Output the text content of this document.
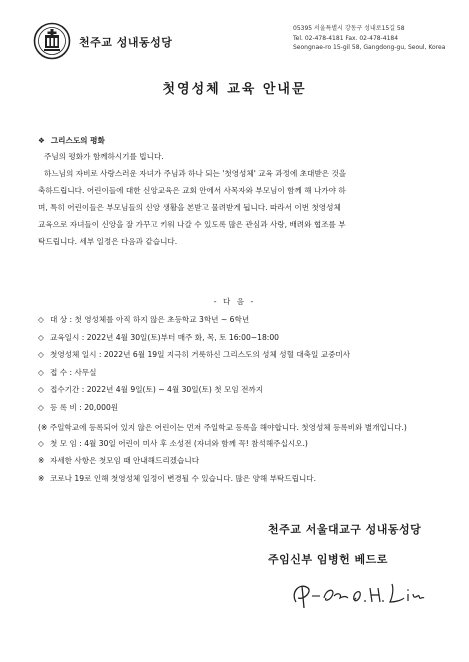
천주교 성내동성당
05395 서울특별시 강동구 성내로15길 58
Tel. 02-478-4181 Fax. 02-478-4184
Seongnae-ro 15-gil 58, Gangdong-gu, Seoul, Korea
첫영성체 교육 안내문
❖ 그리스도의 평화
주님의 평화가 함께하시기를 빕니다.
하느님의 자비로 사랑스러운 자녀가 주님과 하나 되는 '첫영성체' 교육 과정에 초대받은 것을
축하드립니다. 어린이들에 대한 신앙교육은 교회 안에서 사목자와 부모님이 함께 해 나가야 하
며, 특히 어린이들은 부모님들의 신앙 생활을 본받고 물려받게 됩니다. 따라서 이번 첫영성체
교육으로 자녀들이 신앙을 잘 가꾸고 키워 나갈 수 있도록 많은 관심과 사랑, 배려와 협조를 부
탁드립니다. 세부 일정은 다음과 같습니다.
- 다 음 -
◇ 대 상 : 첫 영성체를 아직 하지 않은 초등학교 3학년 ~ 6학년
◇ 교육일시 : 2022년 4월 30일(토)부터 매주 화, 목, 토 16:00~18:00
◇ 첫영성체 일시 : 2022년 6월 19일 지극히 거룩하신 그리스도의 성체 성혈 대축일 교중미사
◇ 접 수 : 사무실
◇ 접수기간 : 2022년 4월 9일(토) ~ 4월 30일(토) 첫 모임 전까지
◇ 등 록 비 : 20,000원
(※ 주일학교에 등록되어 있지 않은 어린이는 먼저 주일학교 등록을 해야합니다. 첫영성체 등록비와 별개입니다.)
◇ 첫 모 임 : 4월 30일 어린이 미사 후 소성전 (자녀와 함께 꼭! 참석해주십시오.)
※ 자세한 사항은 첫모임 때 안내해드리겠습니다
※ 코로나 19로 인해 첫영성체 일정이 변경될 수 있습니다. 많은 양해 부탁드립니다.
천주교 서울대교구 성내동성당
주임신부 임병헌 베드로
